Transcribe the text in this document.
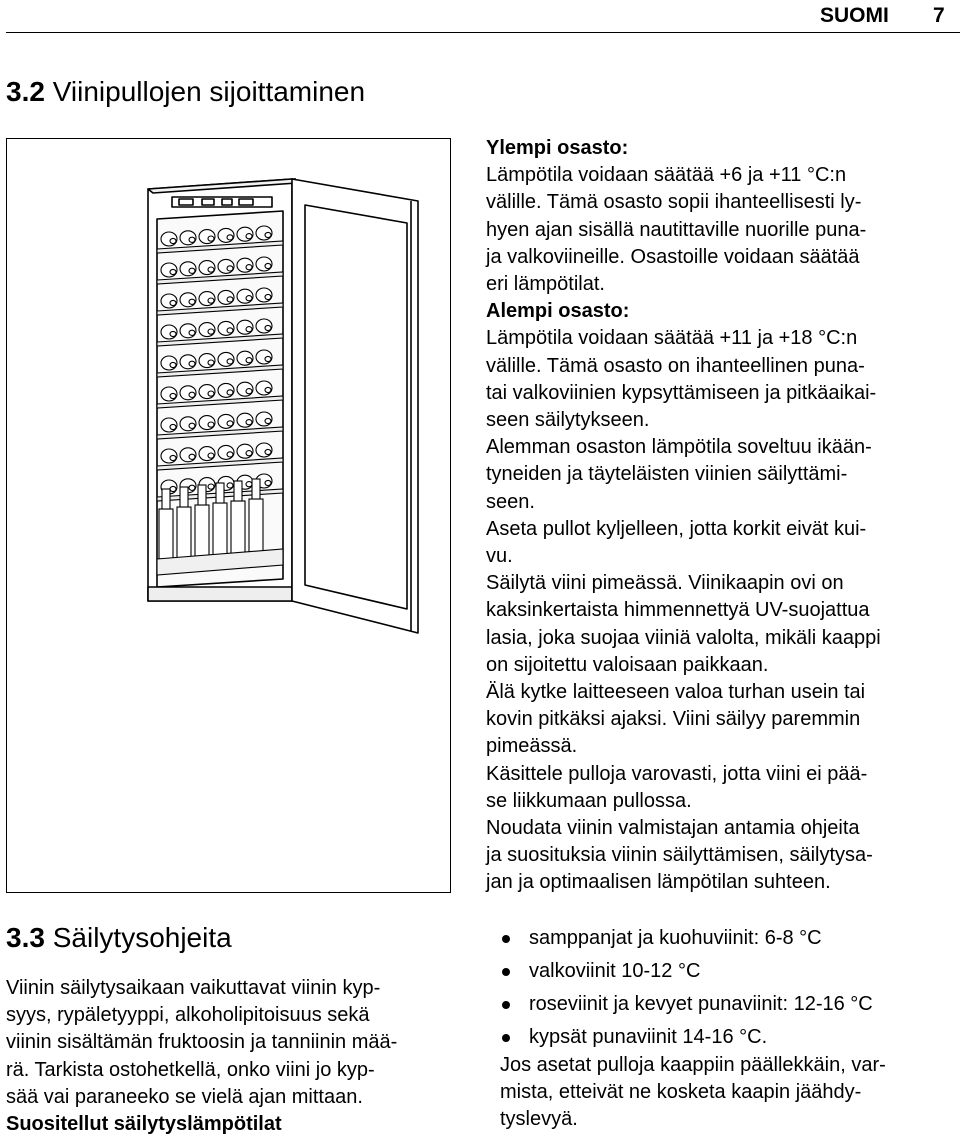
SUOMI 7
3.2 Viinipullojen sijoittaminen

Ylempi osasto:

Lämpötila voidaan säätää +6 ja +11 °C:n
välille. Tämä osasto sopii ihanteellisesti ly-
hyen ajan sisällä nautittaville nuorille puna-
ja valkoviineille. Osastoille voidaan säätää
eri lämpötilat.

Alempi osasto:

Lämpötila voidaan säätää +11 ja +18 °C:n
välille. Tämä osasto on ihanteellinen puna-
tai valkoviinien kypsyttämiseen ja pitkäaikai-
seen säilytykseen.

Alemman osaston lämpötila soveltuu ikään-
tyneiden ja täyteläisten viinien säilyttämi-
seen.

Aseta pullot kyljelleen, jotta korkit eivät kui-
vu.

Säilytä viini pimeässä. Viinikaapin ovi on
kaksinkertaista himmennettyä UV-suojattua
lasia, joka suojaa viiniä valolta, mikäli kaappi
on sijoitettu valoisaan paikkaan.

Älä kytke laitteeseen valoa turhan usein tai
kovin pitkäksi ajaksi. Viini säilyy paremmin
pimeässä.

Käsittele pulloja varovasti, jotta viini ei pää-
se liikkumaan pullossa.

Noudata viinin valmistajan antamia ohjeita
ja suosituksia viinin säilyttämisen, säilytysa-
jan ja optimaalisen lämpötilan suhteen.

3.3 Säilytysohjeita

Viinin säilytysaikaan vaikuttavat viinin kyp-
syys, rypäletyyppi, alkoholipitoisuus sekä
viinin sisältämän fruktoosin ja tanniinin mää-
rä. Tarkista ostohetkellä, onko viini jo kyp-
sää vai paraneeko se vielä ajan mittaan.

Suositellut säilytyslämpötilat

samppanjat ja kuohuviinit: 6-8 °C
valkoviinit 10-12 °C
roseviinit ja kevyet punaviinit: 12-16 °C
kypsät punaviinit 14-16 °C.
Jos asetat pulloja kaappiin päällekkäin, var-
mista, etteivät ne kosketa kaapin jäähdy-
tyslevyä.
